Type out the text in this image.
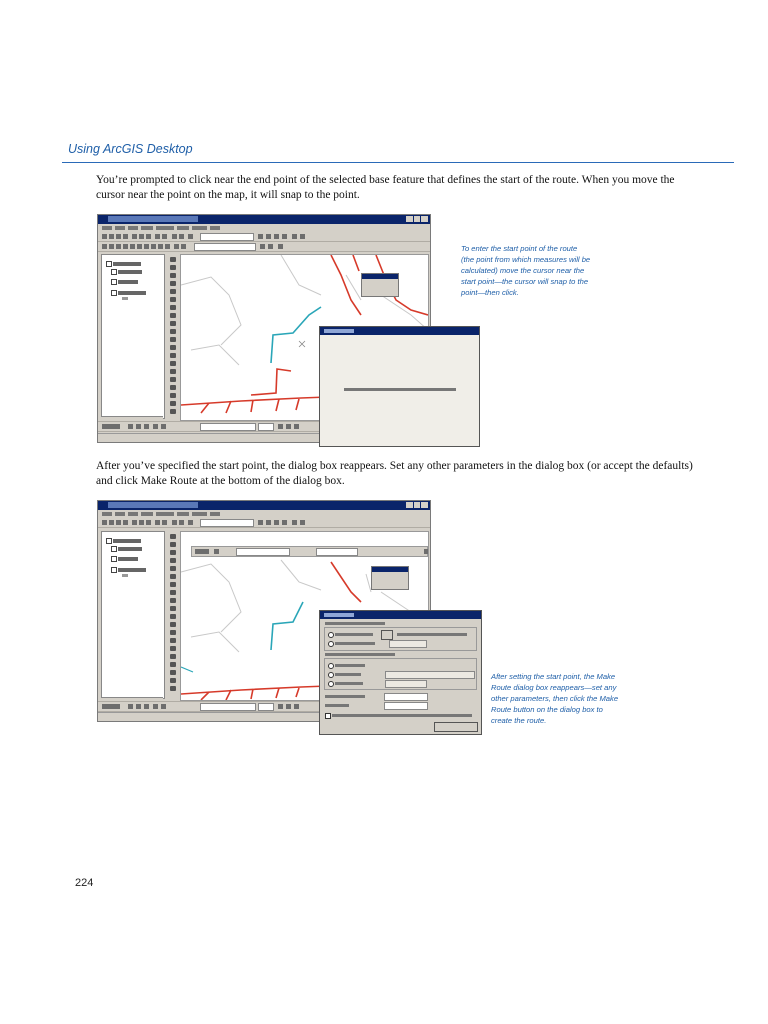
Using ArcGIS Desktop
You’re prompted to click near the end point of the selected base feature that defines the start of the route. When you move the cursor near the point on the map, it will snap to the point.
To enter the start point of the route (the point from which measures will be calculated) move the cursor near the start point—the cursor will snap to the point—then click.
After you’ve specified the start point, the dialog box reappears. Set any other parameters in the dialog box (or accept the defaults) and click Make Route at the bottom of the dialog box.
After setting the start point, the Make Route dialog box reappears—set any other parameters, then click the Make Route button on the dialog box to create the route.
224
